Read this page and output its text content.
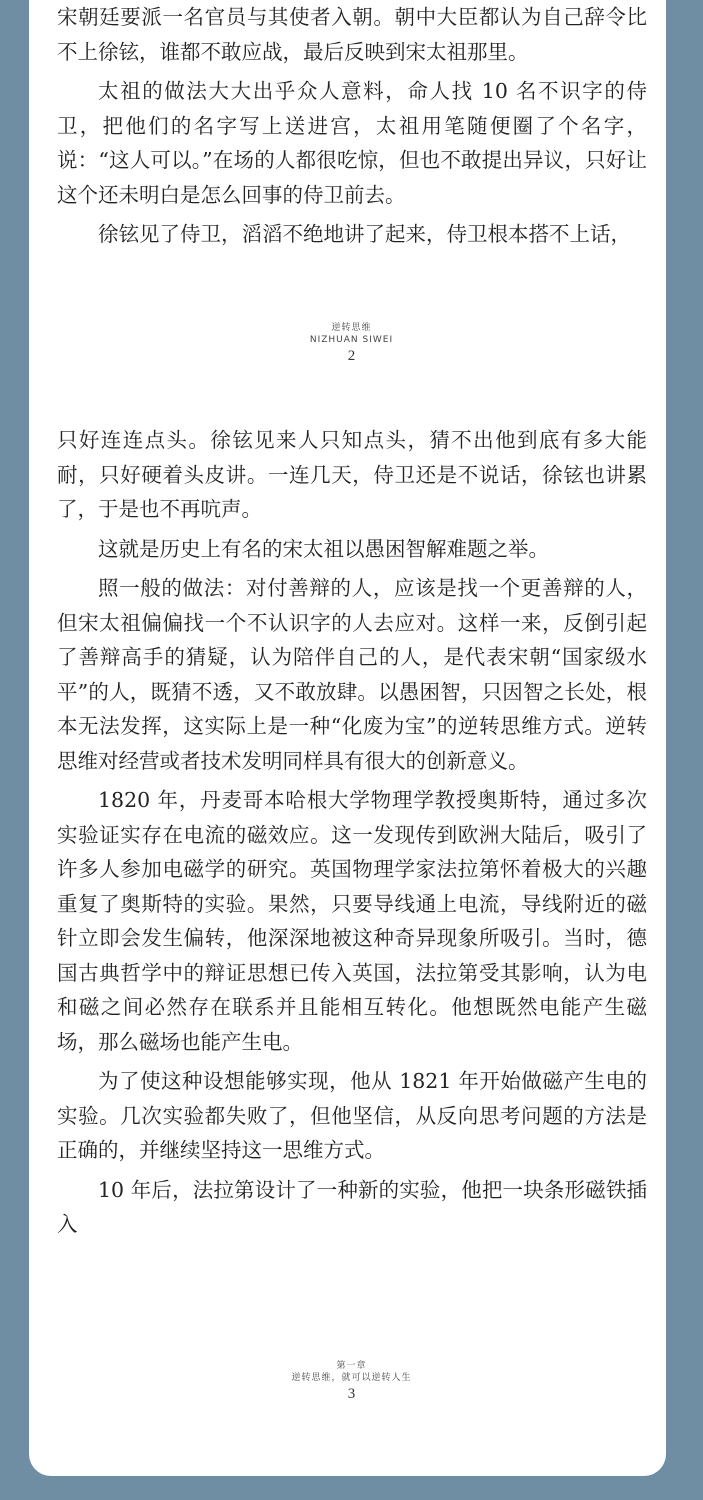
宋朝廷要派一名官员与其使者入朝。朝中大臣都认为自己辞令比不上徐铉，谁都不敢应战，最后反映到宋太祖那里。

太祖的做法大大出乎众人意料，命人找 10 名不识字的侍卫，把他们的名字写上送进宫，太祖用笔随便圈了个名字，说：“这人可以。”在场的人都很吃惊，但也不敢提出异议，只好让这个还未明白是怎么回事的侍卫前去。

徐铉见了侍卫，滔滔不绝地讲了起来，侍卫根本搭不上话，

逆转思维
NIZHUAN SIWEI
2

只好连连点头。徐铉见来人只知点头，猜不出他到底有多大能耐，只好硬着头皮讲。一连几天，侍卫还是不说话，徐铉也讲累了，于是也不再吭声。

这就是历史上有名的宋太祖以愚困智解难题之举。

照一般的做法：对付善辩的人，应该是找一个更善辩的人，但宋太祖偏偏找一个不认识字的人去应对。这样一来，反倒引起了善辩高手的猜疑，认为陪伴自己的人，是代表宋朝“国家级水平”的人，既猜不透，又不敢放肆。以愚困智，只因智之长处，根本无法发挥，这实际上是一种“化废为宝”的逆转思维方式。逆转思维对经营或者技术发明同样具有很大的创新意义。

1820 年，丹麦哥本哈根大学物理学教授奥斯特，通过多次实验证实存在电流的磁效应。这一发现传到欧洲大陆后，吸引了许多人参加电磁学的研究。英国物理学家法拉第怀着极大的兴趣重复了奥斯特的实验。果然，只要导线通上电流，导线附近的磁针立即会发生偏转，他深深地被这种奇异现象所吸引。当时，德国古典哲学中的辩证思想已传入英国，法拉第受其影响，认为电和磁之间必然存在联系并且能相互转化。他想既然电能产生磁场，那么磁场也能产生电。

为了使这种设想能够实现，他从 1821 年开始做磁产生电的实验。几次实验都失败了，但他坚信，从反向思考问题的方法是正确的，并继续坚持这一思维方式。

10 年后，法拉第设计了一种新的实验，他把一块条形磁铁插入

第一章
逆转思维，就可以逆转人生
3
